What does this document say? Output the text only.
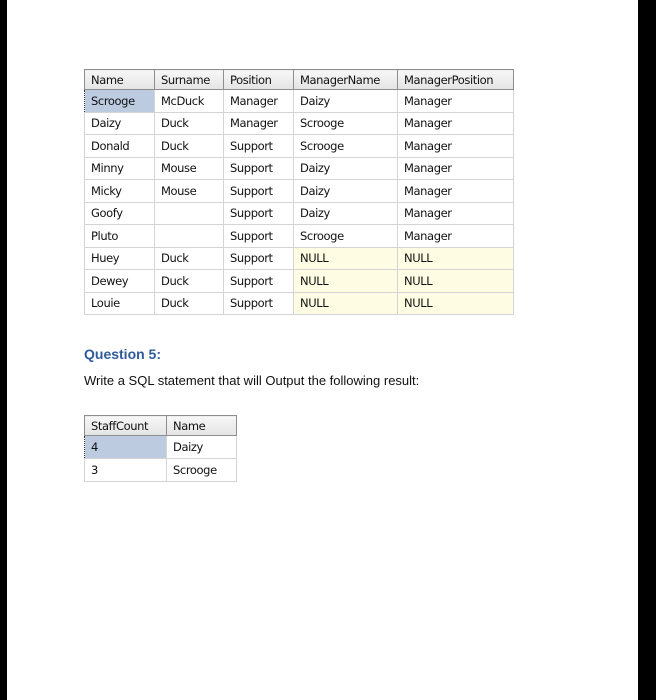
Name	Surname	Position	ManagerName	ManagerPosition
Scrooge	McDuck	Manager	Daizy	Manager
Daizy	Duck	Manager	Scrooge	Manager
Donald	Duck	Support	Scrooge	Manager
Minny	Mouse	Support	Daizy	Manager
Micky	Mouse	Support	Daizy	Manager
Goofy		Support	Daizy	Manager
Pluto		Support	Scrooge	Manager
Huey	Duck	Support	NULL	NULL
Dewey	Duck	Support	NULL	NULL
Louie	Duck	Support	NULL	NULL
Question 5:

Write a SQL statement that will Output the following result:

StaffCount	Name
4	Daizy
3	Scrooge
